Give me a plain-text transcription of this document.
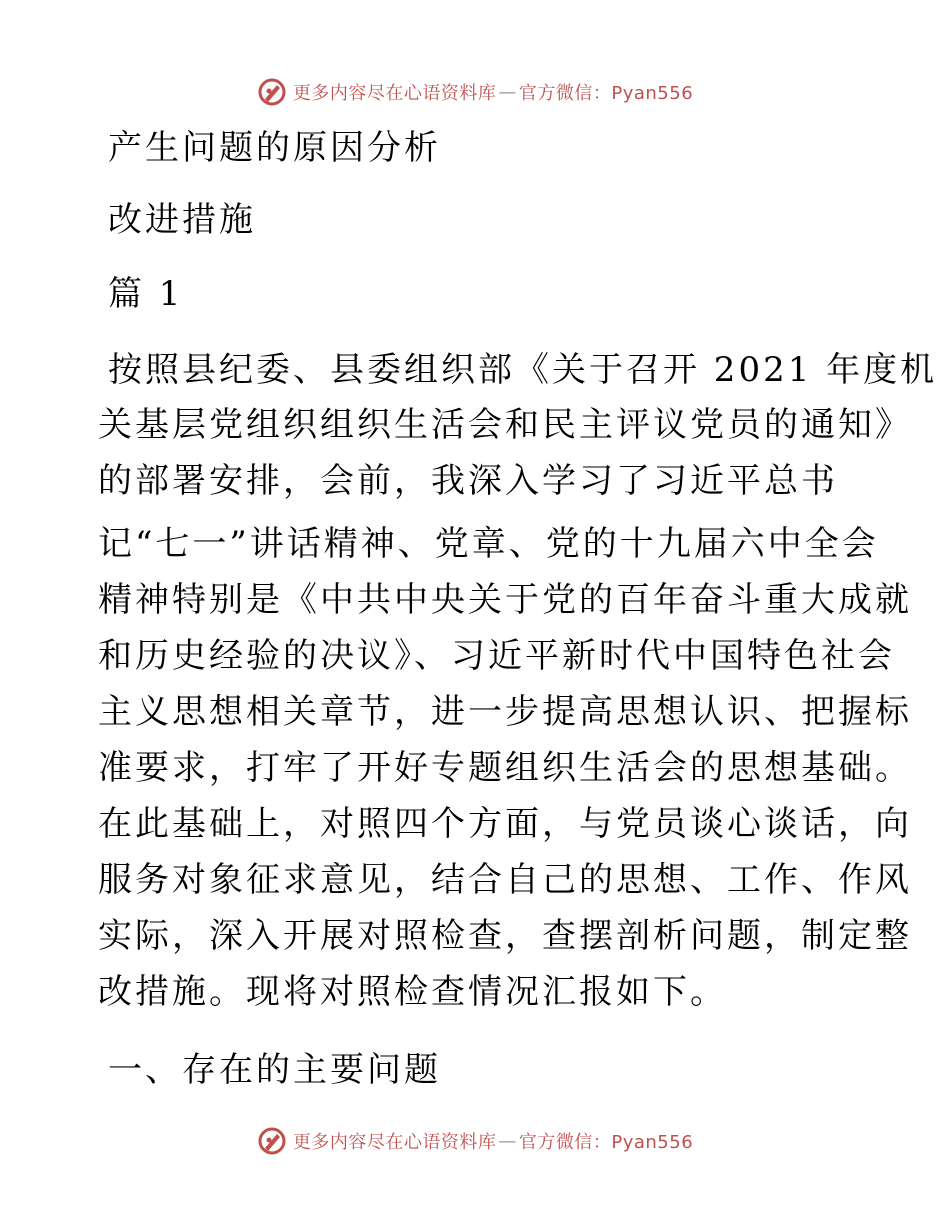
更多内容尽在心语资料库 — 官方微信：Pyan556
产生问题的原因分析
改进措施
篇 1
按照县纪委、县委组织部《关于召开 2021 年度机
关基层党组织组织生活会和民主评议党员的通知》
的部署安排，会前，我深入学习了习近平总书
记“七一”讲话精神、党章、党的十九届六中全会
精神特别是《中共中央关于党的百年奋斗重大成就
和历史经验的决议》、习近平新时代中国特色社会
主义思想相关章节，进一步提高思想认识、把握标
准要求，打牢了开好专题组织生活会的思想基础。
在此基础上，对照四个方面，与党员谈心谈话，向
服务对象征求意见，结合自己的思想、工作、作风
实际，深入开展对照检查，查摆剖析问题，制定整
改措施。现将对照检查情况汇报如下。
一、存在的主要问题
更多内容尽在心语资料库 — 官方微信：Pyan556
